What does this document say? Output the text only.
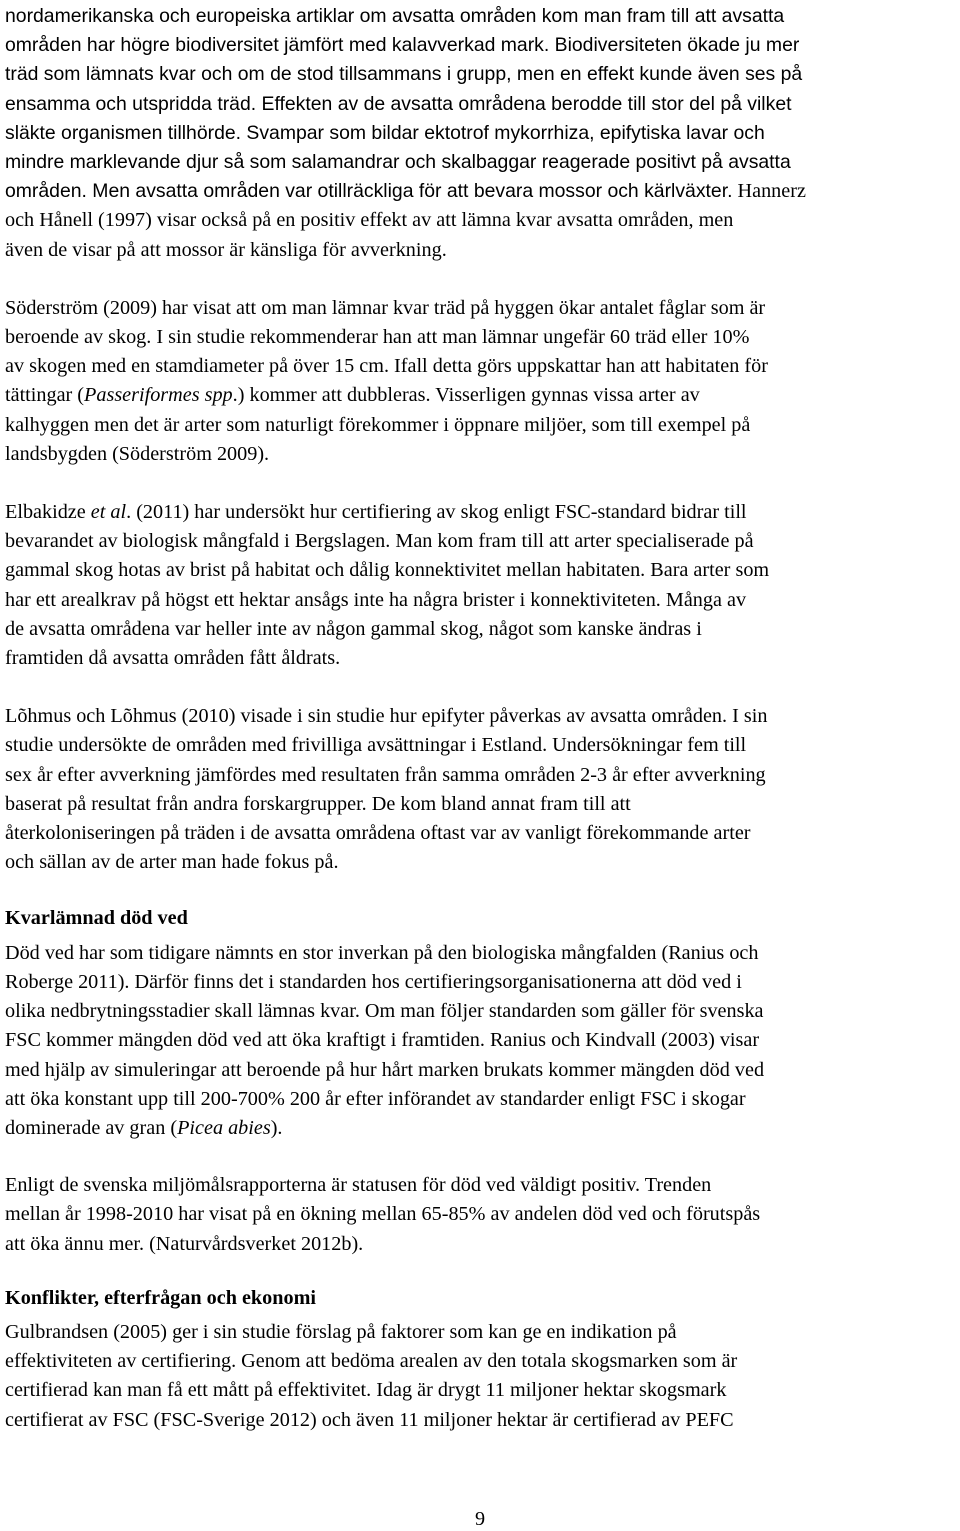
nordamerikanska och europeiska artiklar om avsatta områden kom man fram till att avsatta
områden har högre biodiversitet jämfört med kalavverkad mark. Biodiversiteten ökade ju mer
träd som lämnats kvar och om de stod tillsammans i grupp, men en effekt kunde även ses på
ensamma och utspridda träd. Effekten av de avsatta områdena berodde till stor del på vilket
släkte organismen tillhörde. Svampar som bildar ektotrof mykorrhiza, epifytiska lavar och
mindre marklevande djur så som salamandrar och skalbaggar reagerade positivt på avsatta
områden. Men avsatta områden var otillräckliga för att bevara mossor och kärlväxter. Hannerz
och Hånell (1997) visar också på en positiv effekt av att lämna kvar avsatta områden, men
även de visar på att mossor är känsliga för avverkning.

Söderström (2009) har visat att om man lämnar kvar träd på hyggen ökar antalet fåglar som är
beroende av skog. I sin studie rekommenderar han att man lämnar ungefär 60 träd eller 10%
av skogen med en stamdiameter på över 15 cm. Ifall detta görs uppskattar han att habitaten för
tättingar (Passeriformes spp.) kommer att dubbleras. Visserligen gynnas vissa arter av
kalhyggen men det är arter som naturligt förekommer i öppnare miljöer, som till exempel på
landsbygden (Söderström 2009).

Elbakidze et al. (2011) har undersökt hur certifiering av skog enligt FSC-standard bidrar till
bevarandet av biologisk mångfald i Bergslagen. Man kom fram till att arter specialiserade på
gammal skog hotas av brist på habitat och dålig konnektivitet mellan habitaten. Bara arter som
har ett arealkrav på högst ett hektar ansågs inte ha några brister i konnektiviteten. Många av
de avsatta områdena var heller inte av någon gammal skog, något som kanske ändras i
framtiden då avsatta områden fått åldrats.

Lõhmus och Lõhmus (2010) visade i sin studie hur epifyter påverkas av avsatta områden. I sin
studie undersökte de områden med frivilliga avsättningar i Estland. Undersökningar fem till
sex år efter avverkning jämfördes med resultaten från samma områden 2-3 år efter avverkning
baserat på resultat från andra forskargrupper. De kom bland annat fram till att
återkoloniseringen på träden i de avsatta områdena oftast var av vanligt förekommande arter
och sällan av de arter man hade fokus på.

Kvarlämnad död ved

Död ved har som tidigare nämnts en stor inverkan på den biologiska mångfalden (Ranius och
Roberge 2011). Därför finns det i standarden hos certifieringsorganisationerna att död ved i
olika nedbrytningsstadier skall lämnas kvar. Om man följer standarden som gäller för svenska
FSC kommer mängden död ved att öka kraftigt i framtiden. Ranius och Kindvall (2003) visar
med hjälp av simuleringar att beroende på hur hårt marken brukats kommer mängden död ved
att öka konstant upp till 200-700% 200 år efter införandet av standarder enligt FSC i skogar
dominerade av gran (Picea abies).

Enligt de svenska miljömålsrapporterna är statusen för död ved väldigt positiv. Trenden
mellan år 1998-2010 har visat på en ökning mellan 65-85% av andelen död ved och förutspås
att öka ännu mer. (Naturvårdsverket 2012b).

Konflikter, efterfrågan och ekonomi

Gulbrandsen (2005) ger i sin studie förslag på faktorer som kan ge en indikation på
effektiviteten av certifiering. Genom att bedöma arealen av den totala skogsmarken som är
certifierad kan man få ett mått på effektivitet. Idag är drygt 11 miljoner hektar skogsmark
certifierat av FSC (FSC-Sverige 2012) och även 11 miljoner hektar är certifierad av PEFC

9
